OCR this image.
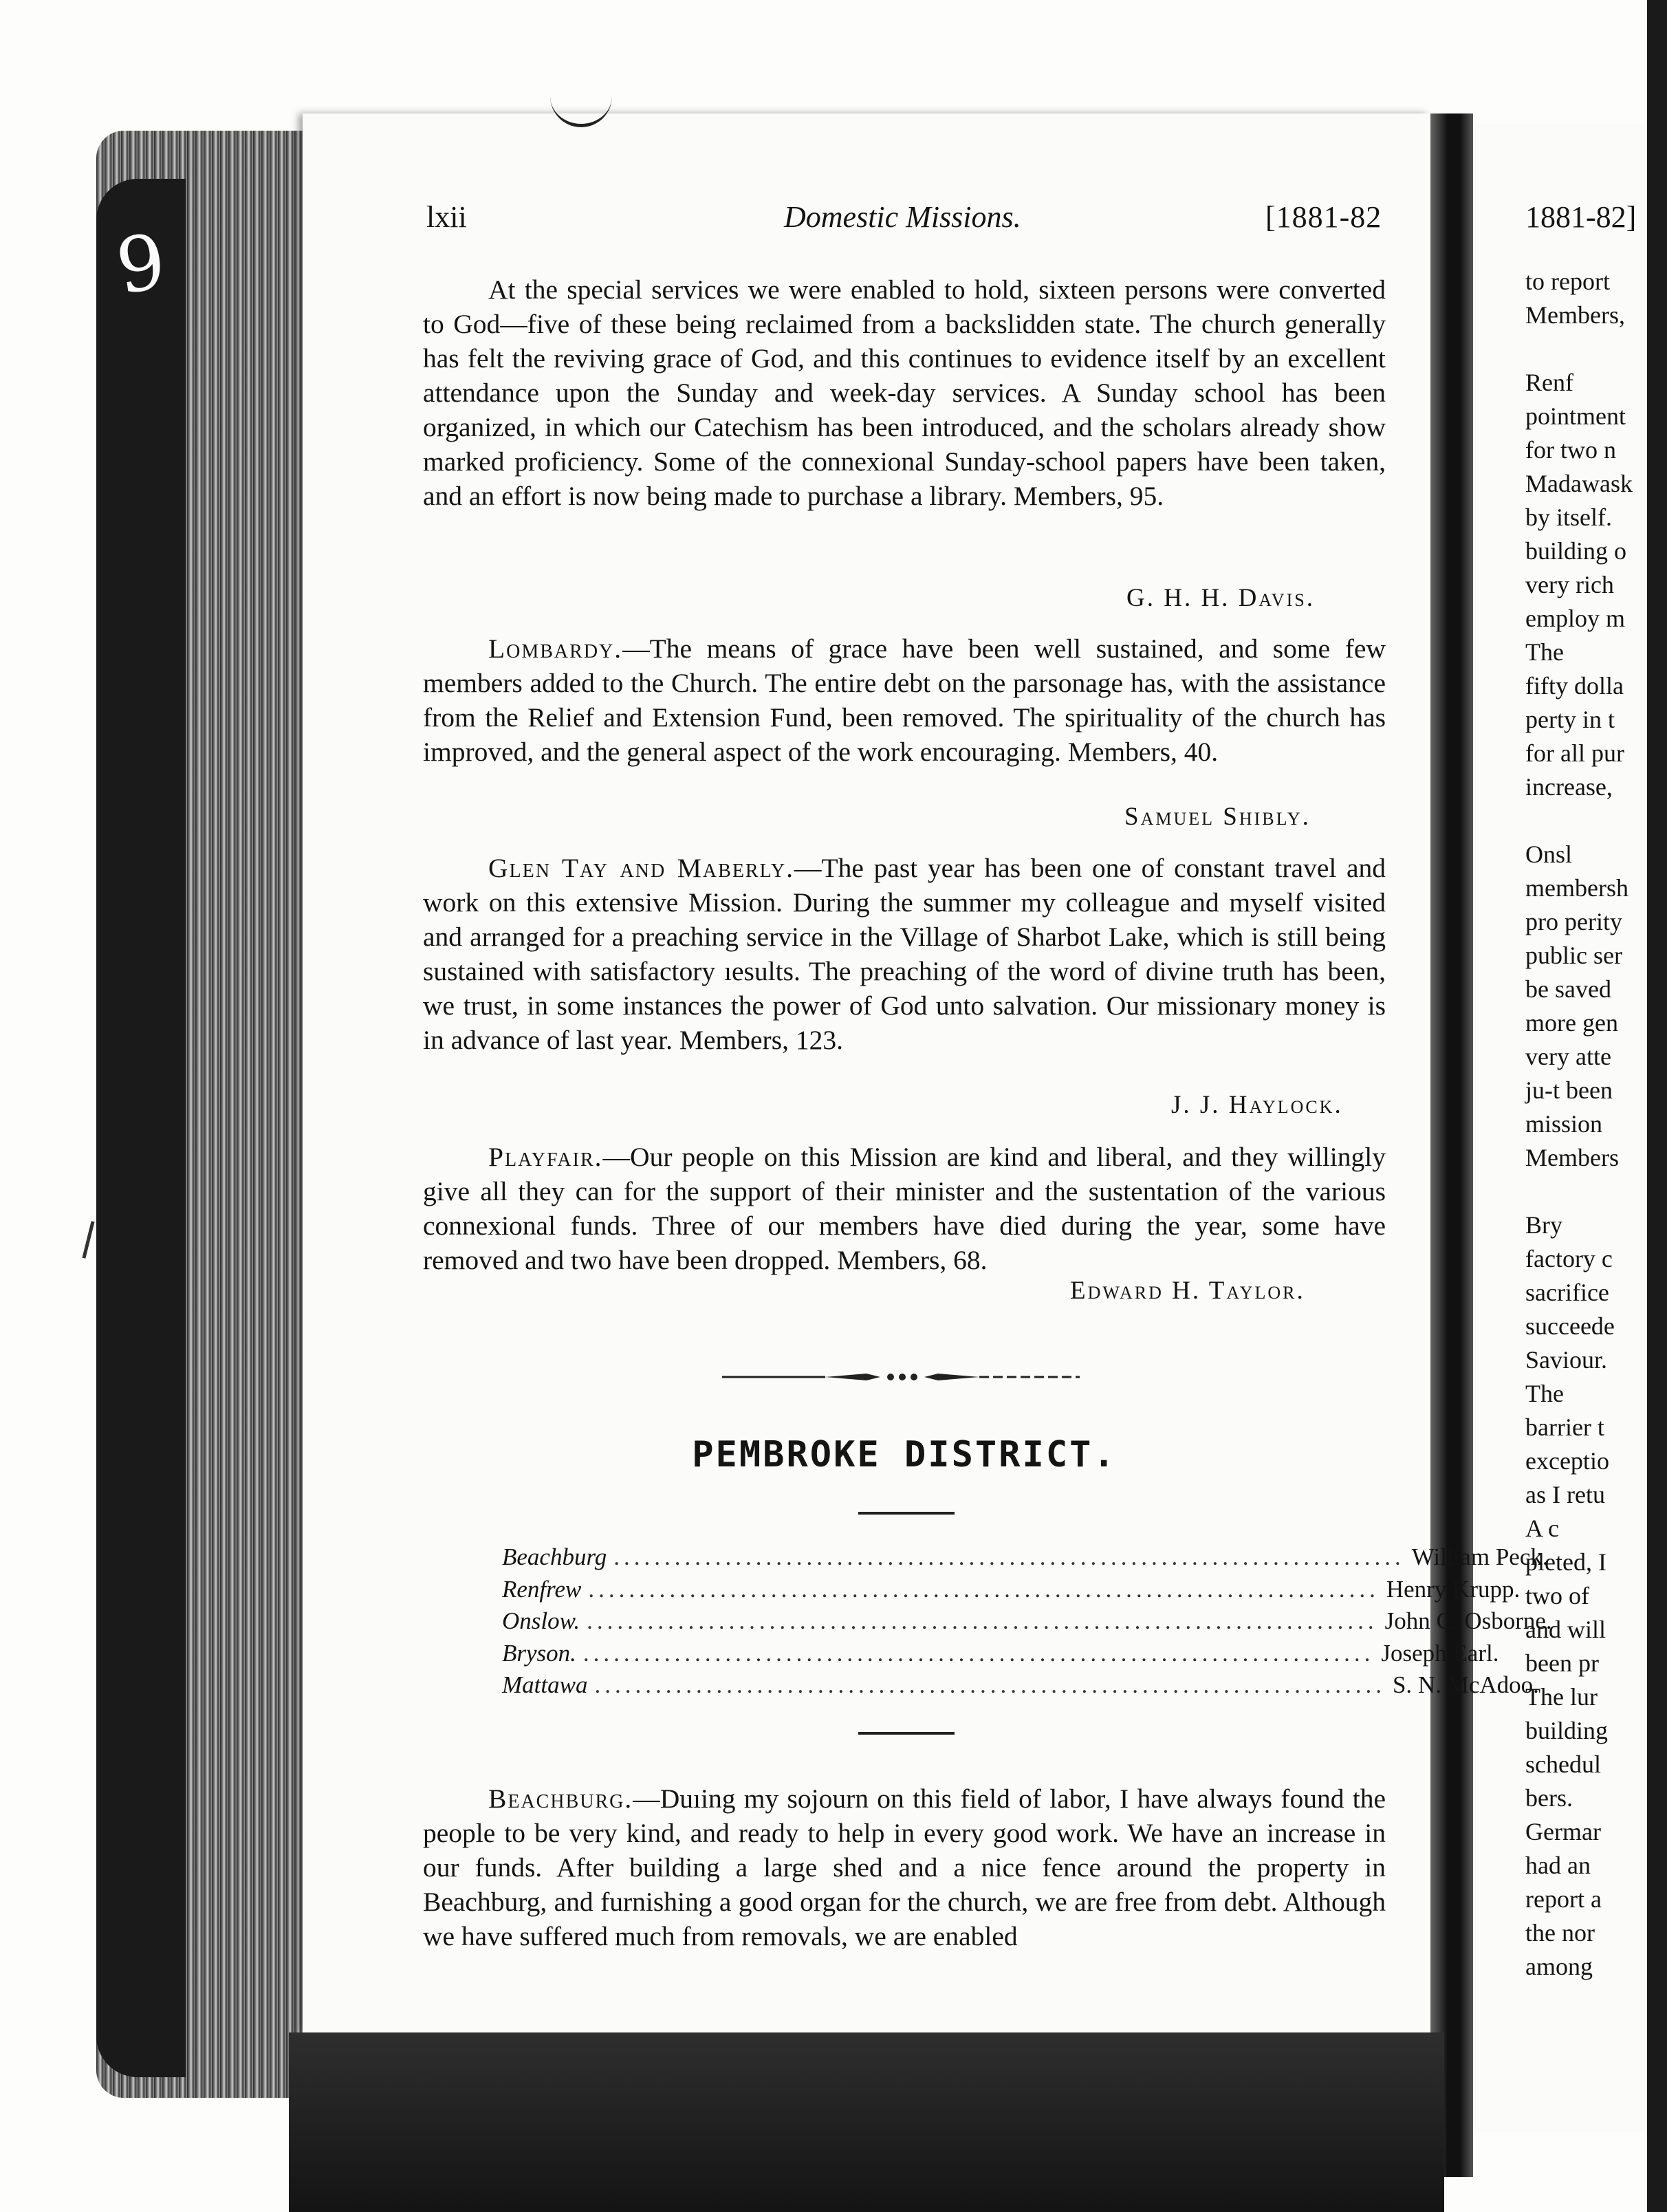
9
lxii	Domestic Missions.	[1881-82

At the special services we were enabled to hold, sixteen persons were converted to God—five of these being reclaimed from a backslidden state. The church generally has felt the reviving grace of God, and this continues to evidence itself by an excellent attendance upon the Sunday and week-day services. A Sunday school has been organized, in which our Catechism has been introduced, and the scholars already show marked proficiency. Some of the connexional Sunday-school papers have been taken, and an effort is now being made to purchase a library. Members, 95.

G. H. H. Davis.

Lombardy.—The means of grace have been well sustained, and some few members added to the Church. The entire debt on the parsonage has, with the assistance from the Relief and Extension Fund, been removed. The spirituality of the church has improved, and the general aspect of the work encouraging. Members, 40.

Samuel Shibly.

Glen Tay and Maberly.—The past year has been one of constant travel and work on this extensive Mission. During the summer my colleague and myself visited and arranged for a preaching service in the Village of Sharbot Lake, which is still being sustained with satisfactory ıesults. The preaching of the word of divine truth has been, we trust, in some instances the power of God unto salvation. Our missionary money is in advance of last year. Members, 123.

J. J. Haylock.

Playfair.—Our people on this Mission are kind and liberal, and they willingly give all they can for the support of their minister and the sustentation of the various connexional funds. Three of our members have died during the year, some have removed and two have been dropped. Members, 68.

Edward H. Taylor.
PEMBROKE DISTRICT.
Beachburg .............................................................................. William Peck.
Renfrew .............................................................................. Henry Krupp.
Onslow. .............................................................................. John C. Osborne.
Bryson. .............................................................................. Joseph Earl.
Mattawa .............................................................................. S. N. McAdoo.

Beachburg.—Duıing my sojourn on this field of labor, I have always found the people to be very kind, and ready to help in every good work. We have an increase in our funds. After building a large shed and a nice fence around the property in Beachburg, and furnishing a good organ for the church, we are free from debt. Although we have suffered much from removals, we are enabled

1881-82]
to report
Members,
Renf
pointment
for two n
Madawask
by itself.
building o
very rich
employ m
The
fifty dolla
perty in t
for all pur
increase,
Onsl
membersh
pro perity
public ser
be saved
more gen
very atte
ju-t been
mission
Members
Bry
factory c
sacrifice
succeede
Saviour.
The
barrier t
exceptio
as I retu
A c
pleted, I
two of
and will
been pr
The lur
building
schedul
bers.
Germar
had an
report a
the nor
among
